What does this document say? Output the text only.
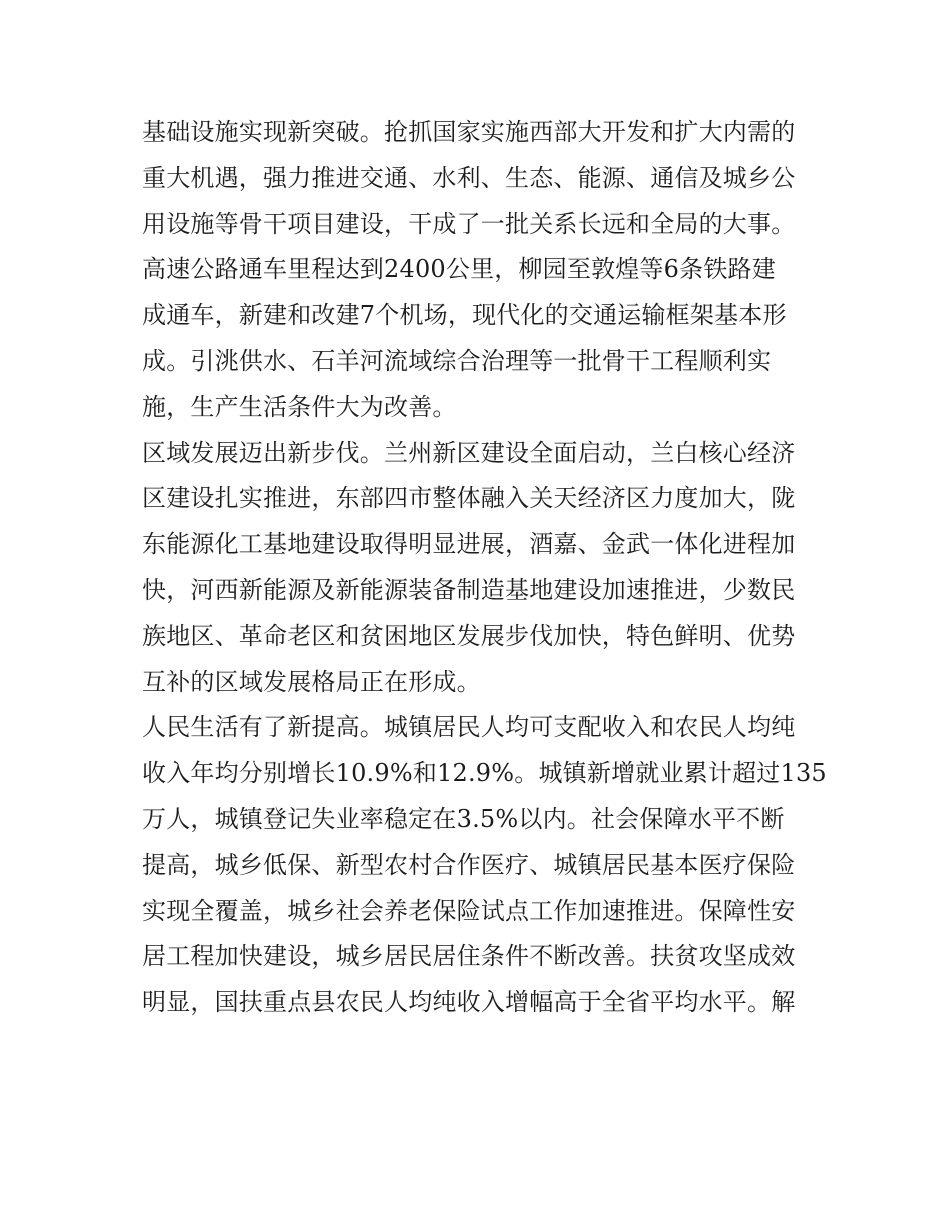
基础设施实现新突破。抢抓国家实施西部大开发和扩大内需的
重大机遇，强力推进交通、水利、生态、能源、通信及城乡公
用设施等骨干项目建设，干成了一批关系长远和全局的大事。
高速公路通车里程达到2400公里，柳园至敦煌等6条铁路建
成通车，新建和改建7个机场，现代化的交通运输框架基本形
成。引洮供水、石羊河流域综合治理等一批骨干工程顺利实
施，生产生活条件大为改善。
区域发展迈出新步伐。兰州新区建设全面启动，兰白核心经济
区建设扎实推进，东部四市整体融入关天经济区力度加大，陇
东能源化工基地建设取得明显进展，酒嘉、金武一体化进程加
快，河西新能源及新能源装备制造基地建设加速推进，少数民
族地区、革命老区和贫困地区发展步伐加快，特色鲜明、优势
互补的区域发展格局正在形成。
人民生活有了新提高。城镇居民人均可支配收入和农民人均纯
收入年均分别增长10.9%和12.9%。城镇新增就业累计超过135
万人，城镇登记失业率稳定在3.5%以内。社会保障水平不断
提高，城乡低保、新型农村合作医疗、城镇居民基本医疗保险
实现全覆盖，城乡社会养老保险试点工作加速推进。保障性安
居工程加快建设，城乡居民居住条件不断改善。扶贫攻坚成效
明显，国扶重点县农民人均纯收入增幅高于全省平均水平。解
